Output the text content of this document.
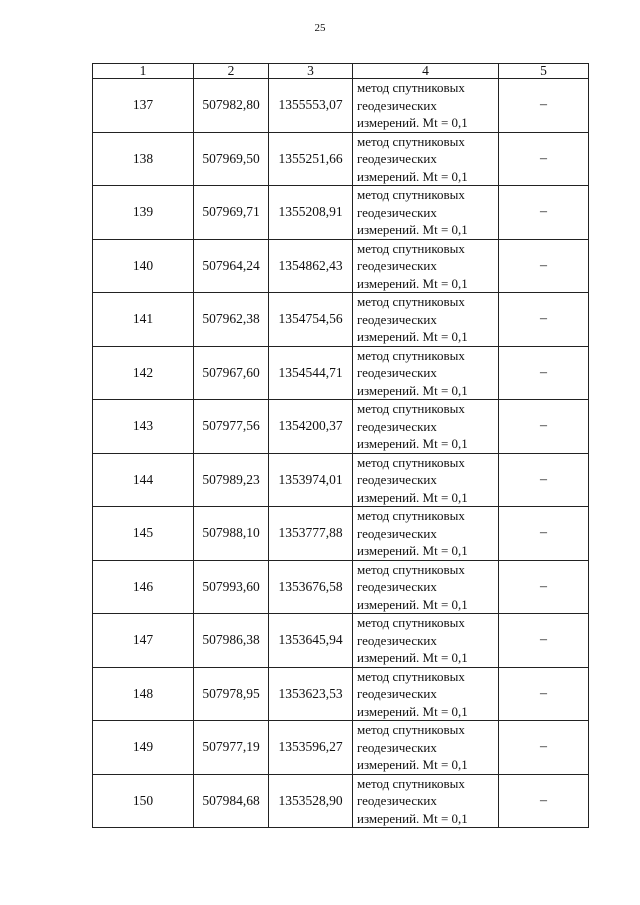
25
1	2	3	4	5
137	507982,80	1355553,07	метод спутниковых
геодезических
измерений. Mt = 0,1	–
138	507969,50	1355251,66	метод спутниковых
геодезических
измерений. Mt = 0,1	–
139	507969,71	1355208,91	метод спутниковых
геодезических
измерений. Mt = 0,1	–
140	507964,24	1354862,43	метод спутниковых
геодезических
измерений. Mt = 0,1	–
141	507962,38	1354754,56	метод спутниковых
геодезических
измерений. Mt = 0,1	–
142	507967,60	1354544,71	метод спутниковых
геодезических
измерений. Mt = 0,1	–
143	507977,56	1354200,37	метод спутниковых
геодезических
измерений. Mt = 0,1	–
144	507989,23	1353974,01	метод спутниковых
геодезических
измерений. Mt = 0,1	–
145	507988,10	1353777,88	метод спутниковых
геодезических
измерений. Mt = 0,1	–
146	507993,60	1353676,58	метод спутниковых
геодезических
измерений. Mt = 0,1	–
147	507986,38	1353645,94	метод спутниковых
геодезических
измерений. Mt = 0,1	–
148	507978,95	1353623,53	метод спутниковых
геодезических
измерений. Mt = 0,1	–
149	507977,19	1353596,27	метод спутниковых
геодезических
измерений. Mt = 0,1	–
150	507984,68	1353528,90	метод спутниковых
геодезических
измерений. Mt = 0,1	–
